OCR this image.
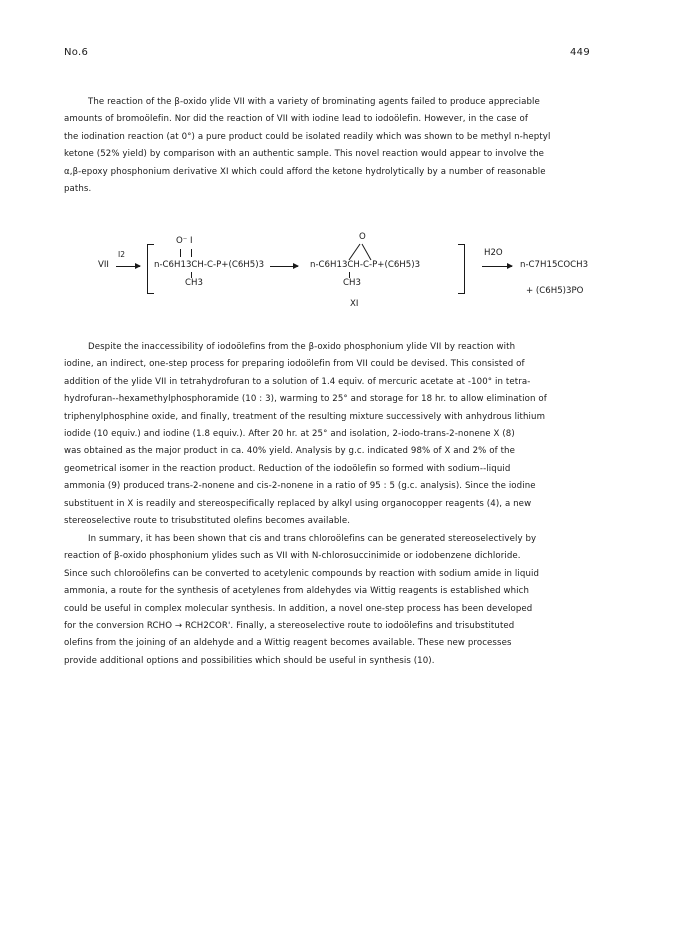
No.6	449
The reaction of the β-oxido ylide VII with a variety of brominating agents failed to produce appreciable
amounts of bromoölefin. Nor did the reaction of VII with iodine lead to iodoölefin. However, in the case of
the iodination reaction (at 0°) a pure product could be isolated readily which was shown to be methyl n-heptyl
ketone (52% yield) by comparison with an authentic sample. This novel reaction would appear to involve the
α,β-epoxy phosphonium derivative XI which could afford the ketone hydrolytically by a number of reasonable
paths.
VII
I2
O⁻ I
n-C6H13CH-C-P+(C6H5)3
CH3
O
n-C6H13CH-C-P+(C6H5)3
CH3
XI
H2O
→ n-C7H15COCH3
+ (C6H5)3PO
Despite the inaccessibility of iodoölefins from the β-oxido phosphonium ylide VII by reaction with
iodine, an indirect, one-step process for preparing iodoölefin from VII could be devised. This consisted of
addition of the ylide VII in tetrahydrofuran to a solution of 1.4 equiv. of mercuric acetate at -100° in tetra-
hydrofuran--hexamethylphosphoramide (10 : 3), warming to 25° and storage for 18 hr. to allow elimination of
triphenylphosphine oxide, and finally, treatment of the resulting mixture successively with anhydrous lithium
iodide (10 equiv.) and iodine (1.8 equiv.). After 20 hr. at 25° and isolation, 2-iodo-trans-2-nonene X (8)
was obtained as the major product in ca. 40% yield. Analysis by g.c. indicated 98% of X and 2% of the
geometrical isomer in the reaction product. Reduction of the iodoölefin so formed with sodium--liquid
ammonia (9) produced trans-2-nonene and cis-2-nonene in a ratio of 95 : 5 (g.c. analysis). Since the iodine
substituent in X is readily and stereospecifically replaced by alkyl using organocopper reagents (4), a new
stereoselective route to trisubstituted olefins becomes available.
In summary, it has been shown that cis and trans chloroölefins can be generated stereoselectively by
reaction of β-oxido phosphonium ylides such as VII with N-chlorosuccinimide or iodobenzene dichloride.
Since such chloroölefins can be converted to acetylenic compounds by reaction with sodium amide in liquid
ammonia, a route for the synthesis of acetylenes from aldehydes via Wittig reagents is established which
could be useful in complex molecular synthesis. In addition, a novel one-step process has been developed
for the conversion RCHO → RCH2COR'. Finally, a stereoselective route to iodoölefins and trisubstituted
olefins from the joining of an aldehyde and a Wittig reagent becomes available. These new processes
provide additional options and possibilities which should be useful in synthesis (10).
